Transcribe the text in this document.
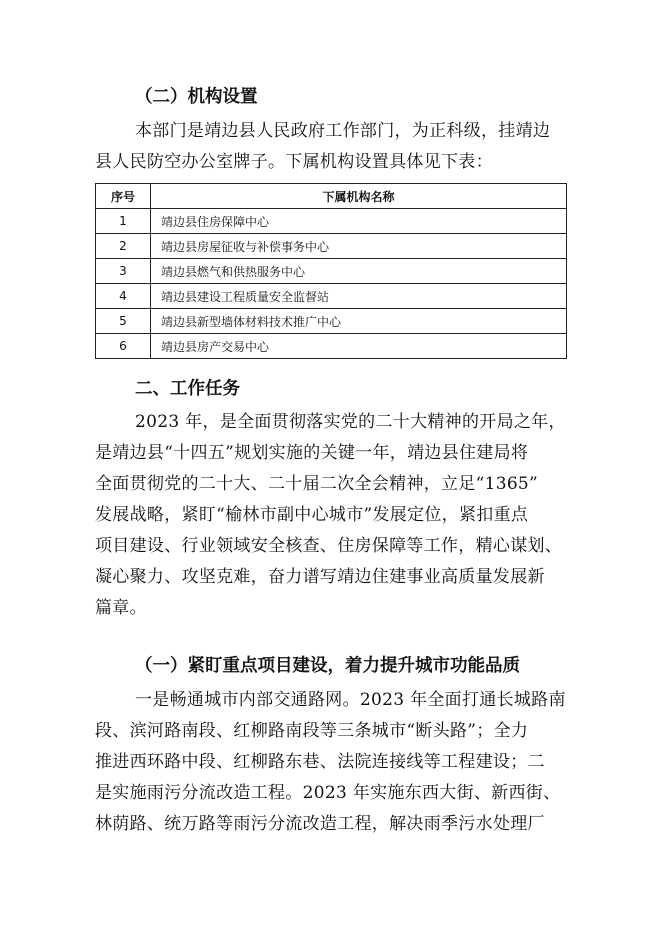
（二）机构设置
本部门是靖边县人民政府工作部门，为正科级，挂靖边
县人民防空办公室牌子。下属机构设置具体见下表：
序号	下属机构名称
1	靖边县住房保障中心
2	靖边县房屋征收与补偿事务中心
3	靖边县燃气和供热服务中心
4	靖边县建设工程质量安全监督站
5	靖边县新型墙体材料技术推广中心
6	靖边县房产交易中心
二、工作任务
2023 年，是全面贯彻落实党的二十大精神的开局之年，
是靖边县“十四五”规划实施的关键一年，靖边县住建局将
全面贯彻党的二十大、二十届二次全会精神，立足“1365”
发展战略，紧盯“榆林市副中心城市”发展定位，紧扣重点
项目建设、行业领域安全核查、住房保障等工作，精心谋划、
凝心聚力、攻坚克难，奋力谱写靖边住建事业高质量发展新
篇章。
（一）紧盯重点项目建设，着力提升城市功能品质
一是畅通城市内部交通路网。2023 年全面打通长城路南
段、滨河路南段、红柳路南段等三条城市“断头路”；全力
推进西环路中段、红柳路东巷、法院连接线等工程建设；二
是实施雨污分流改造工程。2023 年实施东西大街、新西街、
林荫路、统万路等雨污分流改造工程，解决雨季污水处理厂
